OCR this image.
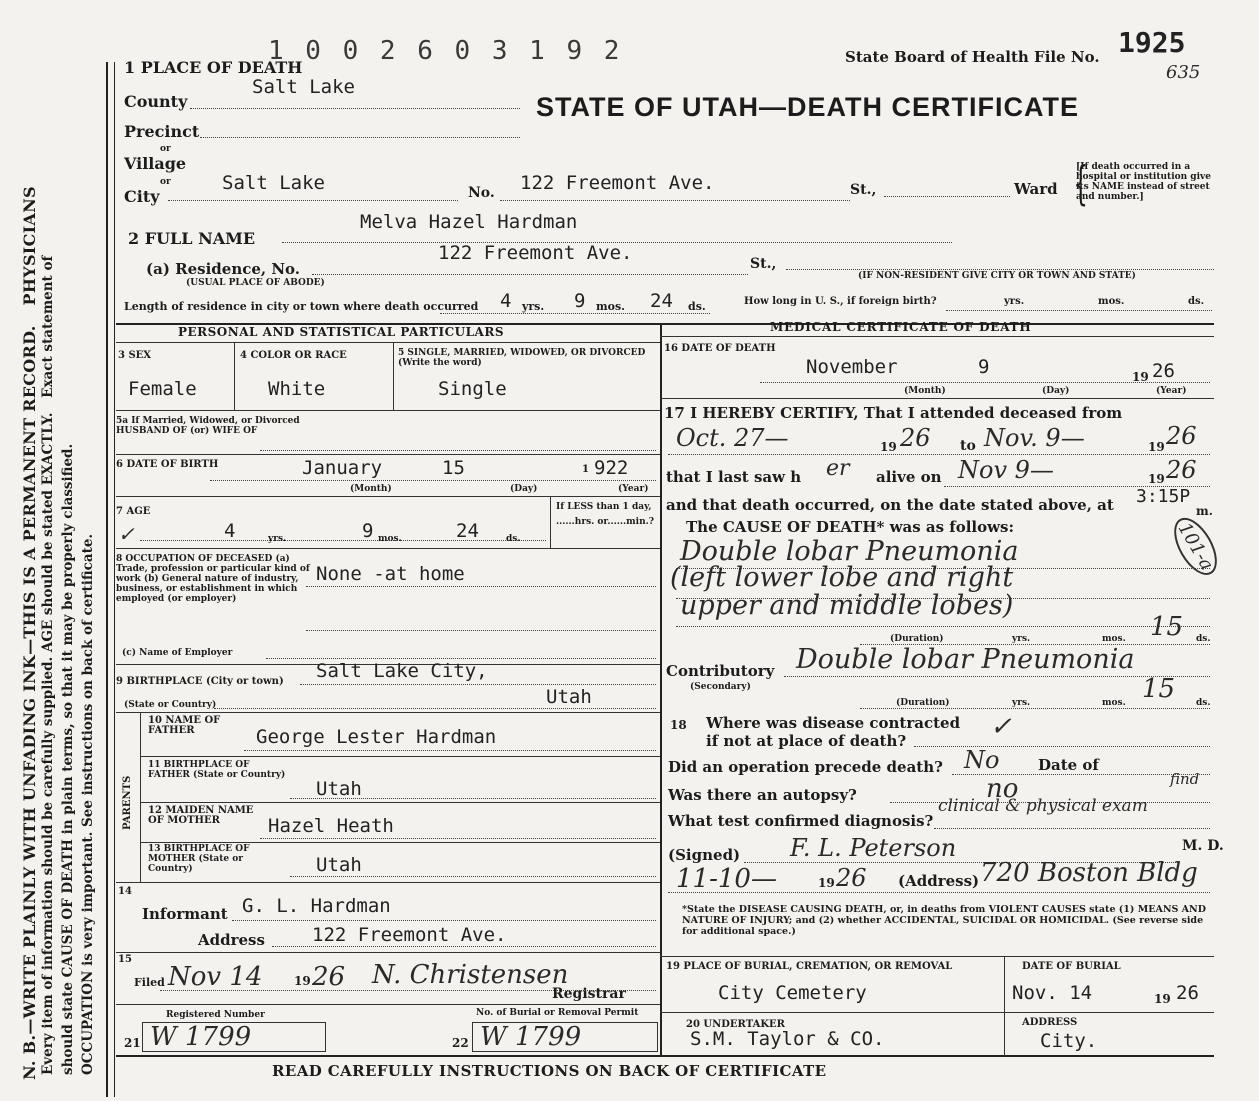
N. B.—WRITE PLAINLY WITH UNFADING INK—THIS IS A PERMANENT RECORD. PHYSICIANS
Every item of information should be carefully supplied. AGE should be stated EXACTLY. Exact statement of
should state CAUSE OF DEATH in plain terms, so that it may be properly classified. OCCUPATION is very important. See instructions on back of certificate.
1 0 0 2 6 0 3 1 9 2
1 PLACE OF DEATH
State Board of Health File No. 1925
635
STATE OF UTAH—DEATH CERTIFICATE
County
Salt Lake
Precinct
or
Village
or
City
Salt Lake	No. 122 Freemont Ave.	St.,	Ward {
[If death occurred in a hospital or institution give its NAME instead of street and number.]
2 FULL NAME
Melva Hazel Hardman
(a) Residence, No.
(USUAL PLACE OF ABODE)
122 Freemont Ave.	St.,
(IF NON-RESIDENT GIVE CITY OR TOWN AND STATE)
Length of residence in city or town where death occurred 4 yrs. 9 mos. 24 ds.	How long in U. S., if foreign birth?	yrs.	mos.	ds.
PERSONAL AND STATISTICAL PARTICULARS
3 SEX
Female
4 COLOR OR RACE
White
5 SINGLE, MARRIED, WIDOWED, OR DIVORCED (Write the word)
Single
5a If Married, Widowed, or Divorced HUSBAND OF (or) WIFE OF
6 DATE OF BIRTH	January	15	1 922
(Month)	(Day)	(Year)
7 AGE
✓	4	yrs.	9 mos.	24	ds.
If LESS than 1 day, ......hrs. or......min.?
8 OCCUPATION OF DECEASED (a) Trade, profession or particular kind of work (b) General nature of industry, business, or establishment in which employed (or employer)
None -at home
(c) Name of Employer
9 BIRTHPLACE (City or town) Salt Lake City,
(State or Country)	Utah
PARENTS
10 NAME OF FATHER	George Lester Hardman
11 BIRTHPLACE OF FATHER (State or Country)
Utah
12 MAIDEN NAME OF MOTHER	Hazel Heath
13 BIRTHPLACE OF MOTHER (State or Country)	Utah
14
Informant G. L. Hardman
Address 122 Freemont Ave.
15
Filed Nov 14	19 26 N. Christensen
Registrar
Registered Number
21 W 1799
No. of Burial or Removal Permit
22 W 1799
MEDICAL CERTIFICATE OF DEATH
16 DATE OF DEATH
November	9	19 26
(Month)	(Day)	(Year)
17 I HEREBY CERTIFY, That I attended deceased from
Oct. 27—	19 26 to Nov. 9—	19 26
that I last saw h er alive on Nov 9—	19 26
and that death occurred, on the date stated above, at 3:15P
m.
The CAUSE OF DEATH* was as follows:
Double lobar Pneumonia	101-a
(left lower lobe and right
upper and middle lobes)
(Duration)	yrs.	mos. 15 ds.
Contributory
(Secondary)
Double lobar Pneumonia
(Duration)	yrs.	mos. 15 ds.
18 Where was disease contracted
if not at place of death?	✓
Did an operation precede death? No	Date of
Was there an autopsy?	no	find
What test confirmed diagnosis?
clinical & physical exam
(Signed) F. L. Peterson	M. D.
11-10—	19 26 (Address) 720 Boston Bldg
*State the DISEASE CAUSING DEATH, or, in deaths from VIOLENT CAUSES state (1) MEANS AND NATURE OF INJURY; and (2) whether ACCIDENTAL, SUICIDAL OR HOMICIDAL. (See reverse side for additional space.)
19 PLACE OF BURIAL, CREMATION, OR REMOVAL
City Cemetery
DATE OF BURIAL
Nov. 14	19 26
20 UNDERTAKER
S.M. Taylor & CO.
ADDRESS
City.
READ CAREFULLY INSTRUCTIONS ON BACK OF CERTIFICATE
